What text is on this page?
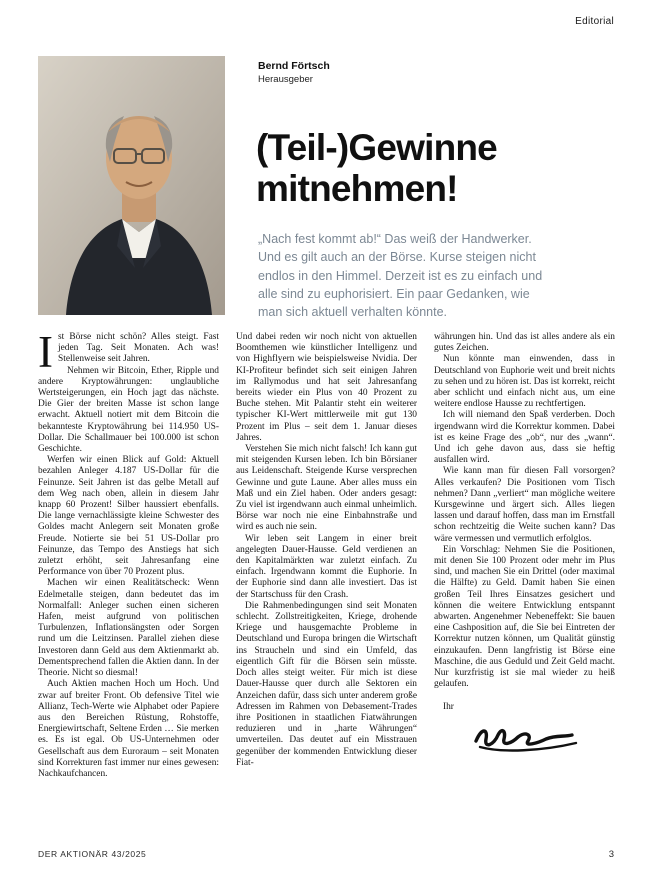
Editorial
Bernd Förtsch
Herausgeber
(Teil-)Gewinne
mitnehmen!

„Nach fest kommt ab!“ Das weiß der Handwerker. Und es gilt auch an der Börse. Kurse steigen nicht endlos in den Himmel. Derzeit ist es zu einfach und alle sind zu euphorisiert. Ein paar Gedanken, wie man sich aktuell verhalten könnte.

Ist Börse nicht schön? Alles steigt. Fast jeden Tag. Seit Monaten. Ach was! Stellenweise seit Jahren.

Nehmen wir Bitcoin, Ether, Ripple und andere Kryptowährungen: unglaubliche Wertsteigerungen, ein Hoch jagt das nächste. Die Gier der breiten Masse ist schon lange erwacht. Aktuell notiert mit dem Bitcoin die bekannteste Kryptowährung bei 114.950 US-Dollar. Die Schallmauer bei 100.000 ist schon Geschichte.

Werfen wir einen Blick auf Gold: Aktuell bezahlen Anleger 4.187 US-Dollar für die Feinunze. Seit Jahren ist das gelbe Metall auf dem Weg nach oben, allein in diesem Jahr knapp 60 Prozent! Silber haussiert ebenfalls. Die lange vernachlässigte kleine Schwester des Goldes macht Anlegern seit Monaten große Freude. Notierte sie bei 51 US-Dollar pro Feinunze, das Tempo des Anstiegs hat sich zuletzt erhöht, seit Jahresanfang eine Performance von über 70 Prozent plus.

Machen wir einen Realitätscheck: Wenn Edelmetalle steigen, dann bedeutet das im Normalfall: Anleger suchen einen sicheren Hafen, meist aufgrund von politischen Turbulenzen, Inflationsängsten oder Sorgen rund um die Leitzinsen. Parallel ziehen diese Investoren dann Geld aus dem Aktienmarkt ab. Dementsprechend fallen die Aktien dann. In der Theorie. Nicht so diesmal!

Auch Aktien machen Hoch um Hoch. Und zwar auf breiter Front. Ob defensive Titel wie Allianz, Tech-Werte wie Alphabet oder Papiere aus den Bereichen Rüstung, Rohstoffe, Energiewirtschaft, Seltene Erden … Sie merken es. Es ist egal. Ob US-Unternehmen oder Gesellschaft aus dem Euroraum – seit Monaten sind Korrekturen fast immer nur eines gewesen: Nachkaufchancen.

Und dabei reden wir noch nicht von aktuellen Boomthemen wie künstlicher Intelligenz und von Highflyern wie beispielsweise Nvidia. Der KI-Profiteur befindet sich seit einigen Jahren im Rallymodus und hat seit Jahresanfang bereits wieder ein Plus von 40 Prozent zu Buche stehen. Mit Palantir steht ein weiterer typischer KI-Wert mittlerweile mit gut 130 Prozent im Plus – seit dem 1. Januar dieses Jahres.

Verstehen Sie mich nicht falsch! Ich kann gut mit steigenden Kursen leben. Ich bin Börsianer aus Leidenschaft. Steigende Kurse versprechen Gewinne und gute Laune. Aber alles muss ein Maß und ein Ziel haben. Oder anders gesagt: Zu viel ist irgendwann auch einmal unheimlich. Börse war noch nie eine Einbahnstraße und wird es auch nie sein.

Wir leben seit Langem in einer breit angelegten Dauer-Hausse. Geld verdienen an den Kapitalmärkten war zuletzt einfach. Zu einfach. Irgendwann kommt die Euphorie. In der Euphorie sind dann alle investiert. Das ist der Startschuss für den Crash.

Die Rahmenbedingungen sind seit Monaten schlecht. Zollstreitigkeiten, Kriege, drohende Kriege und hausgemachte Probleme in Deutschland und Europa bringen die Wirtschaft ins Straucheln und sind ein Umfeld, das eigentlich Gift für die Börsen sein müsste. Doch alles steigt weiter. Für mich ist diese Dauer-Hausse quer durch alle Sektoren ein Anzeichen dafür, dass sich unter anderem große Adressen im Rahmen von Debasement-Trades ihre Positionen in staatlichen Fiatwährungen reduzieren und in „harte Währungen“ umverteilen. Das deutet auf ein Misstrauen gegenüber der kommenden Entwicklung dieser Fiat-

währungen hin. Und das ist alles andere als ein gutes Zeichen.

Nun könnte man einwenden, dass in Deutschland von Euphorie weit und breit nichts zu sehen und zu hören ist. Das ist korrekt, reicht aber schlicht und einfach nicht aus, um eine weitere endlose Hausse zu rechtfertigen.

Ich will niemand den Spaß verderben. Doch irgendwann wird die Korrektur kommen. Dabei ist es keine Frage des „ob“, nur des „wann“. Und ich gehe davon aus, dass sie heftig ausfallen wird.

Wie kann man für diesen Fall vorsorgen? Alles verkaufen? Die Positionen vom Tisch nehmen? Dann „verliert“ man mögliche weitere Kursgewinne und ärgert sich. Alles liegen lassen und darauf hoffen, dass man im Ernstfall schon rechtzeitig die Weite suchen kann? Das wäre vermessen und vermutlich erfolglos.

Ein Vorschlag: Nehmen Sie die Positionen, mit denen Sie 100 Prozent oder mehr im Plus sind, und machen Sie ein Drittel (oder maximal die Hälfte) zu Geld. Damit haben Sie einen großen Teil Ihres Einsatzes gesichert und können die weitere Entwicklung entspannt abwarten. Angenehmer Nebeneffekt: Sie bauen eine Cashposition auf, die Sie bei Eintreten der Korrektur nutzen können, um Qualität günstig einzukaufen. Denn langfristig ist Börse eine Maschine, die aus Geduld und Zeit Geld macht. Nur kurzfristig ist sie mal wieder zu heiß gelaufen.

Ihr

DER AKTIONÄR 43/2025	3
